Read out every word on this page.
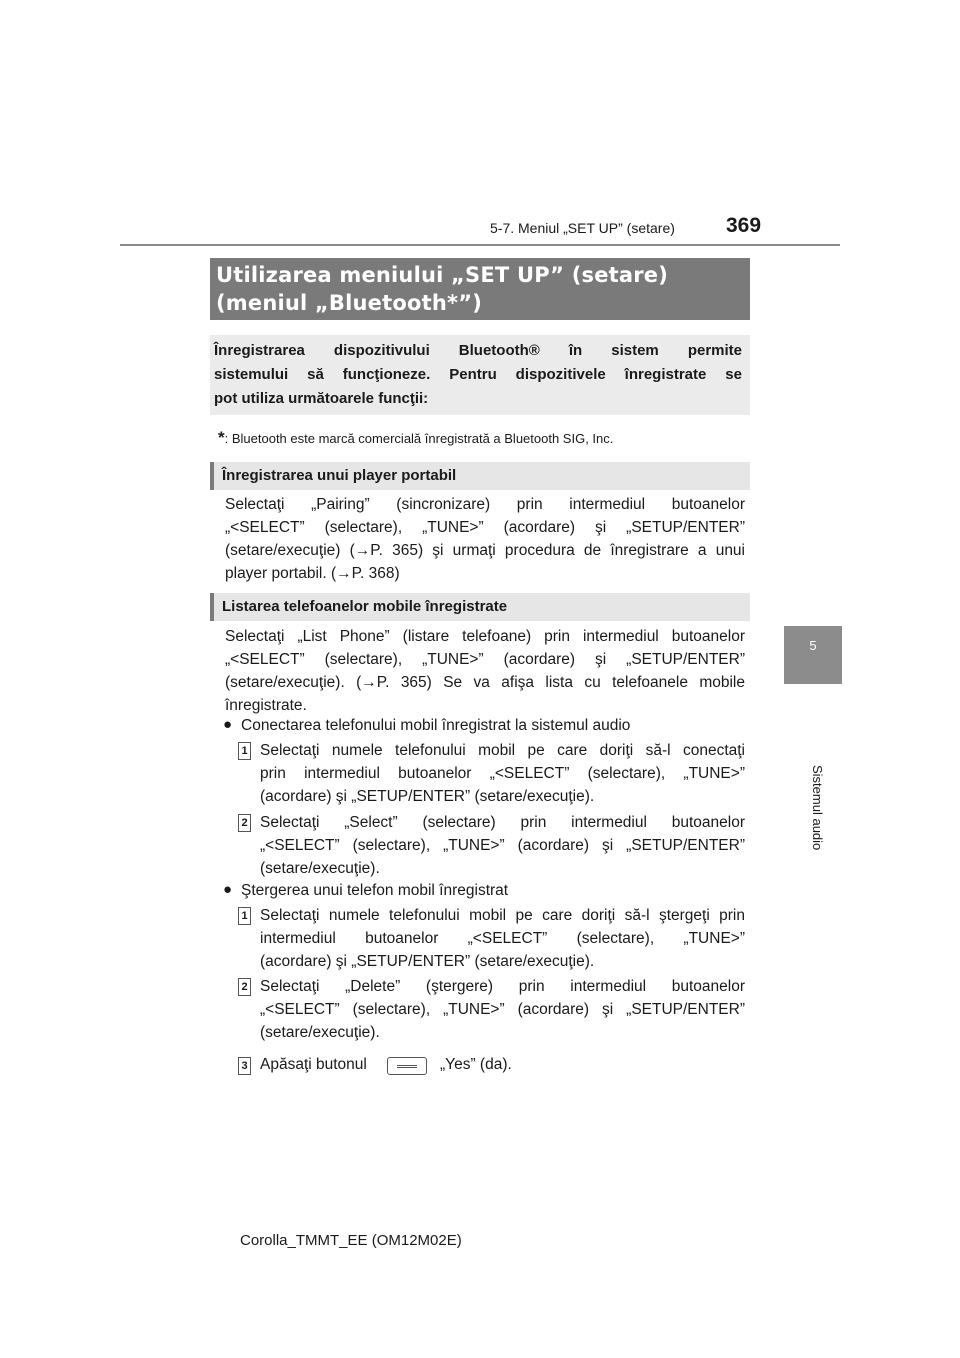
5-7. Meniul „SET UP” (setare) 369
5
Sistemul audio
Utilizarea meniului „SET UP” (setare)
(meniul „Bluetooth*”)
Înregistrarea dispozitivului Bluetooth® în sistem permite
sistemului să funcţioneze. Pentru dispozitivele înregistrate se
pot utiliza următoarele funcţii:
*: Bluetooth este marcă comercială înregistrată a Bluetooth SIG, Inc.
Înregistrarea unui player portabil
Selectaţi „Pairing” (sincronizare) prin intermediul butoanelor
„<SELECT” (selectare), „TUNE>” (acordare) şi „SETUP/ENTER”
(setare/execuţie) (→P. 365) şi urmaţi procedura de înregistrare a unui
player portabil. (→P. 368)
Listarea telefoanelor mobile înregistrate
Selectaţi „List Phone” (listare telefoane) prin intermediul butoanelor
„<SELECT” (selectare), „TUNE>” (acordare) şi „SETUP/ENTER”
(setare/execuţie). (→P. 365) Se va afişa lista cu telefoanele mobile
înregistrate.
● Conectarea telefonului mobil înregistrat la sistemul audio
1 Selectaţi numele telefonului mobil pe care doriţi să-l conectaţi
prin intermediul butoanelor „<SELECT” (selectare), „TUNE>”
(acordare) şi „SETUP/ENTER” (setare/execuţie).
2 Selectaţi „Select” (selectare) prin intermediul butoanelor
„<SELECT” (selectare), „TUNE>” (acordare) şi „SETUP/ENTER”
(setare/execuţie).
● Ştergerea unui telefon mobil înregistrat
1 Selectaţi numele telefonului mobil pe care doriţi să-l ştergeţi prin
intermediul butoanelor „<SELECT” (selectare), „TUNE>”
(acordare) şi „SETUP/ENTER” (setare/execuţie).
2 Selectaţi „Delete” (ştergere) prin intermediul butoanelor
„<SELECT” (selectare), „TUNE>” (acordare) şi „SETUP/ENTER”
(setare/execuţie).
3 Apăsaţi butonul	„Yes” (da).
Corolla_TMMT_EE (OM12M02E)
